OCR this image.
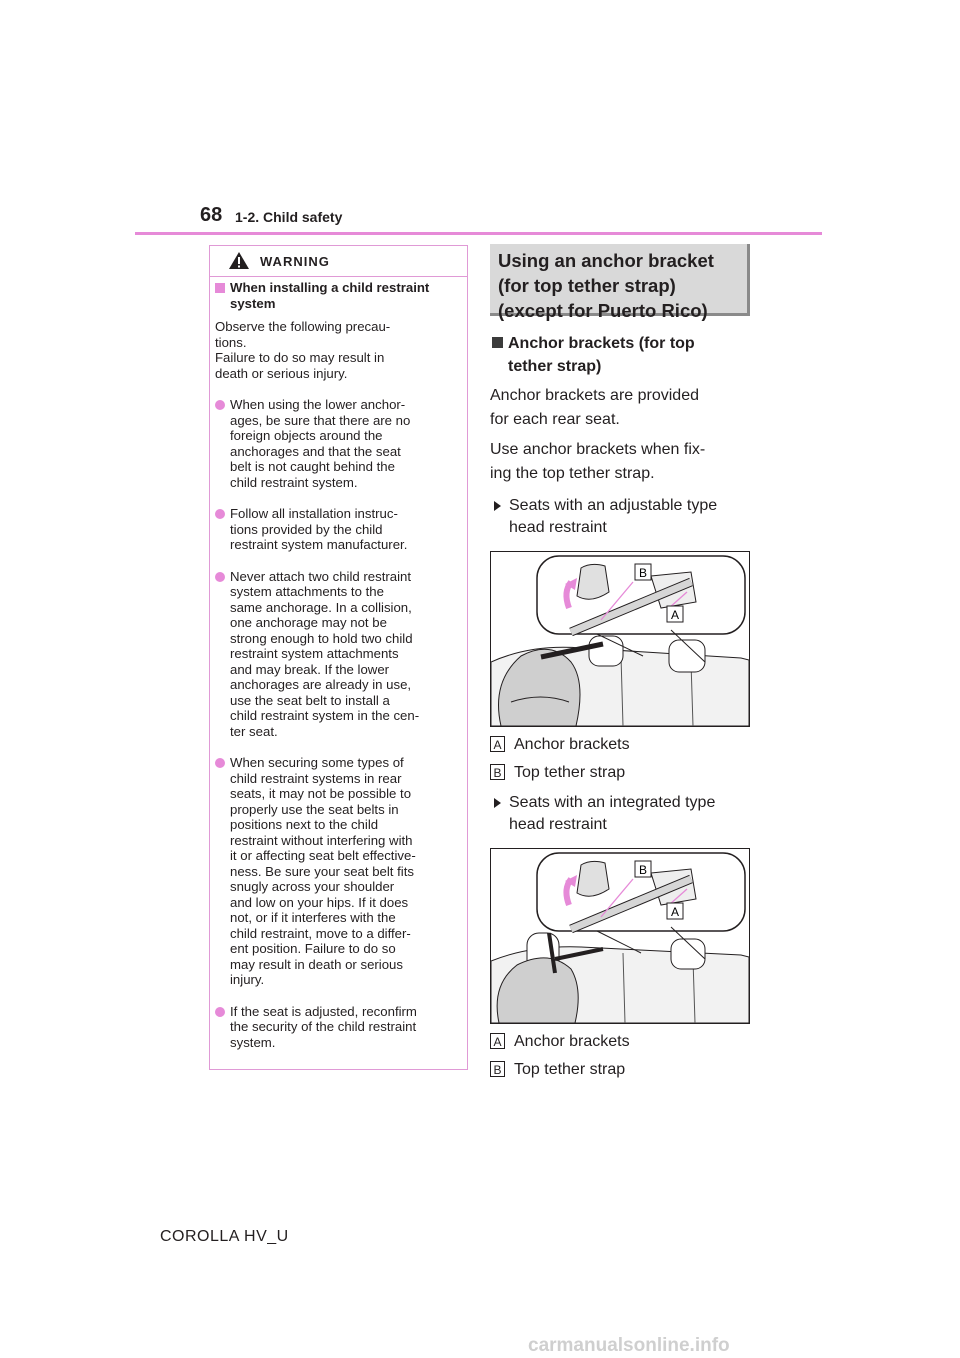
68 1-2. Child safety
WARNING
When installing a child restraint system
Observe the following precau-
tions.
Failure to do so may result in
death or serious injury.
When using the lower anchor-
ages, be sure that there are no
foreign objects around the
anchorages and that the seat
belt is not caught behind the
child restraint system.
Follow all installation instruc-
tions provided by the child
restraint system manufacturer.
Never attach two child restraint
system attachments to the
same anchorage. In a collision,
one anchorage may not be
strong enough to hold two child
restraint system attachments
and may break. If the lower
anchorages are already in use,
use the seat belt to install a
child restraint system in the cen-
ter seat.
When securing some types of
child restraint systems in rear
seats, it may not be possible to
properly use the seat belts in
positions next to the child
restraint without interfering with
it or affecting seat belt effective-
ness. Be sure your seat belt fits
snugly across your shoulder
and low on your hips. If it does
not, or if it interferes with the
child restraint, move to a differ-
ent position. Failure to do so
may result in death or serious
injury.
If the seat is adjusted, reconfirm
the security of the child restraint
system.
Using an anchor bracket
(for top tether strap)
(except for Puerto Rico)
Anchor brackets (for top
tether strap)
Anchor brackets are provided
for each rear seat.
Use anchor brackets when fix-
ing the top tether strap.
Seats with an adjustable type
head restraint
B
A
A Anchor brackets
B Top tether strap
Seats with an integrated type
head restraint
B
A
A Anchor brackets
B Top tether strap
COROLLA HV_U
carmanualsonline.info
